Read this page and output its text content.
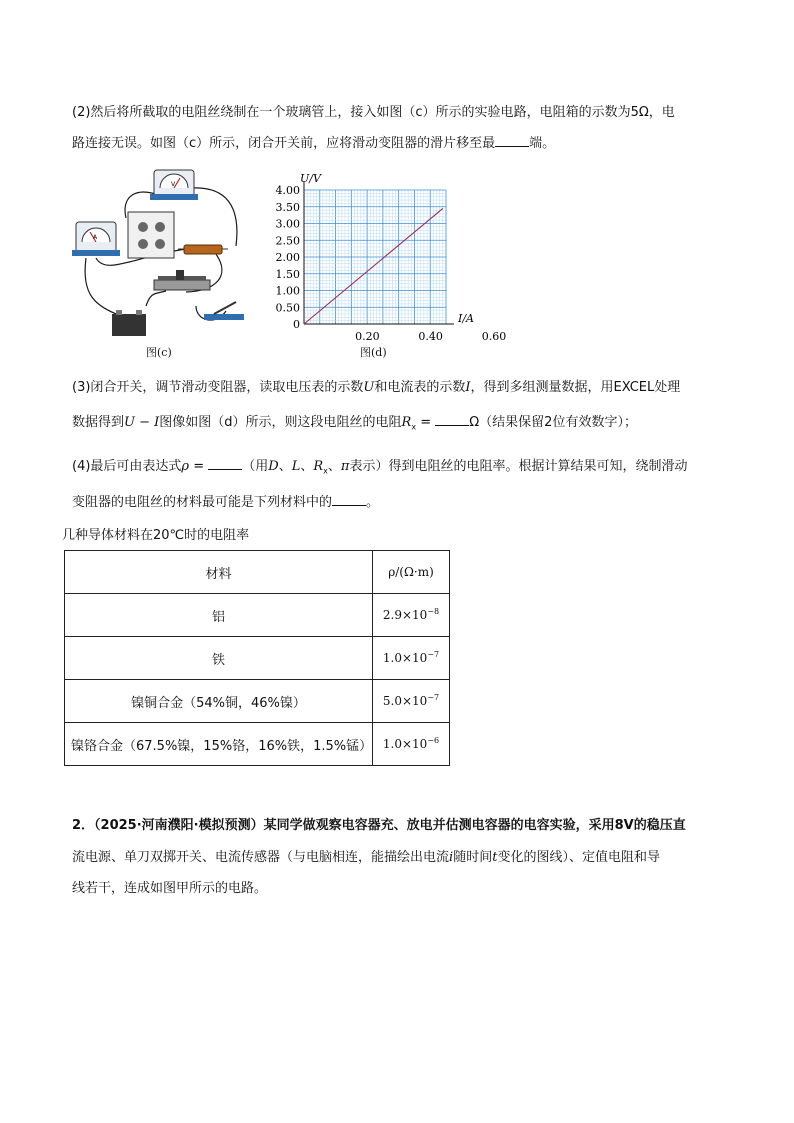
(2)然后将所截取的电阻丝绕制在一个玻璃管上，接入如图（c）所示的实验电路，电阻箱的示数为5Ω，电

路连接无误。如图（c）所示，闭合开关前，应将滑动变阻器的滑片移至最	端。

V
A
图(c)
4.00
3.50
3.00
2.50
2.00
1.50
1.00
0.50
0
0.20	0.40	0.60
U/V
I/A
图(d)

(3)闭合开关，调节滑动变阻器，读取电压表的示数U和电流表的示数I，得到多组测量数据，用EXCEL处理

数据得到U − I图像如图（d）所示，则这段电阻丝的电阻$R_x$ =	Ω（结果保留2位有效数字）；

(4)最后可由表达式ρ =	（用D、L、$R_x$、π表示）得到电阻丝的电阻率。根据计算结果可知，绕制滑动

变阻器的电阻丝的材料最可能是下列材料中的	。

几种导体材料在20℃时的电阻率

材料	ρ/(Ω·m)
铝	$2.9\times 10^{-8}$
铁	$1.0\times 10^{-7}$
镍铜合金（54%铜，46%镍）	$5.0\times 10^{-7}$
镍铬合金（67.5%镍，15%铬，16%铁，1.5%锰）	$1.0\times 10^{-6}$

2．（2025·河南濮阳·模拟预测）某同学做观察电容器充、放电并估测电容器的电容实验，采用8V的稳压直

流电源、单刀双掷开关、电流传感器（与电脑相连，能描绘出电流i随时间t变化的图线）、定值电阻和导

线若干，连成如图甲所示的电路。
